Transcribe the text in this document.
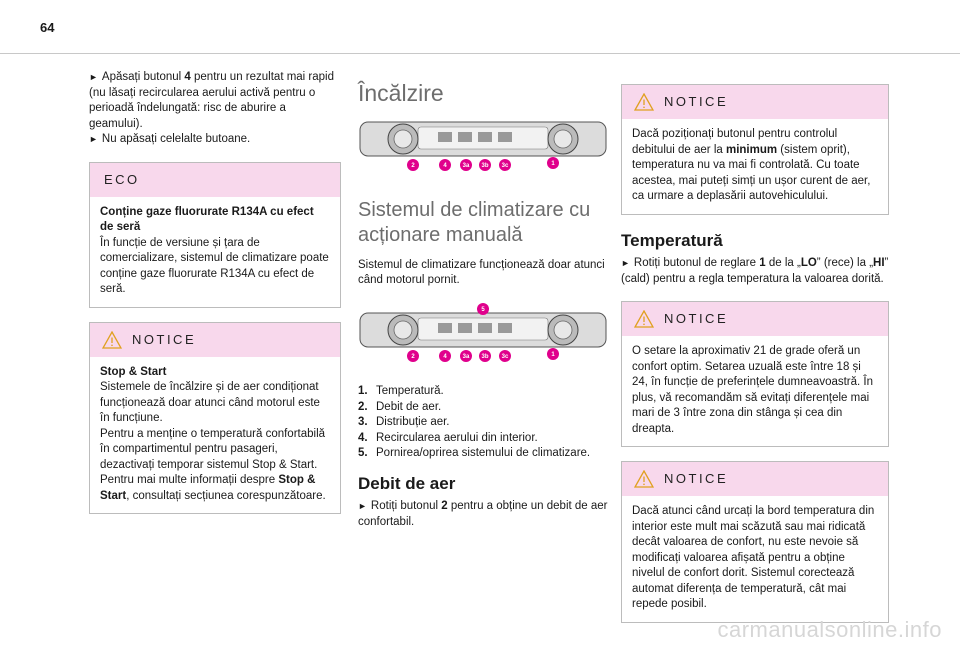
64
► Apăsați butonul 4 pentru un rezultat mai rapid (nu lăsați recircularea aerului activă pentru o perioadă îndelungată: risc de aburire a geamului).
► Nu apăsați celelalte butoane.
ECO
Conține gaze fluorurate R134A cu efect de seră
În funcție de versiune și țara de comercializare, sistemul de climatizare poate conține gaze fluorurate R134A cu efect de seră.
NOTICE
Stop & Start
Sistemele de încălzire și de aer condiționat funcționează doar atunci când motorul este în funcțiune.
Pentru a menține o temperatură confortabilă în compartimentul pentru pasageri, dezactivați temporar sistemul Stop & Start. Pentru mai multe informații despre Stop & Start, consultați secțiunea corespunzătoare.
Încălzire
2	4	3a 3b 3c	1
Sistemul de climatizare cu
acționare manuală

Sistemul de climatizare funcționează doar atunci când motorul pornit.

5
2	4	3a 3b 3c	1
1. Temperatură.
2. Debit de aer.
3. Distribuție aer.
4. Recircularea aerului din interior.
5. Pornirea/oprirea sistemului de climatizare.
Debit de aer

► Rotiți butonul 2 pentru a obține un debit de aer confortabil.

NOTICE
Dacă poziționați butonul pentru controlul debitului de aer la minimum (sistem oprit), temperatura nu va mai fi controlată. Cu toate acestea, mai puteți simți un ușor curent de aer, ca urmare a deplasării autovehiculului.
Temperatură

► Rotiți butonul de reglare 1 de la „LO” (rece) la „HI” (cald) pentru a regla temperatura la valoarea dorită.

NOTICE
O setare la aproximativ 21 de grade oferă un confort optim. Setarea uzuală este între 18 și 24, în funcție de preferințele dumneavoastră. În plus, vă recomandăm să evitați diferențele mai mari de 3 între zona din stânga și cea din dreapta.
NOTICE
Dacă atunci când urcați la bord temperatura din interior este mult mai scăzută sau mai ridicată decât valoarea de confort, nu este nevoie să modificați valoarea afișată pentru a obține nivelul de confort dorit. Sistemul corectează automat diferența de temperatură, cât mai repede posibil.
carmanualsonline.info
